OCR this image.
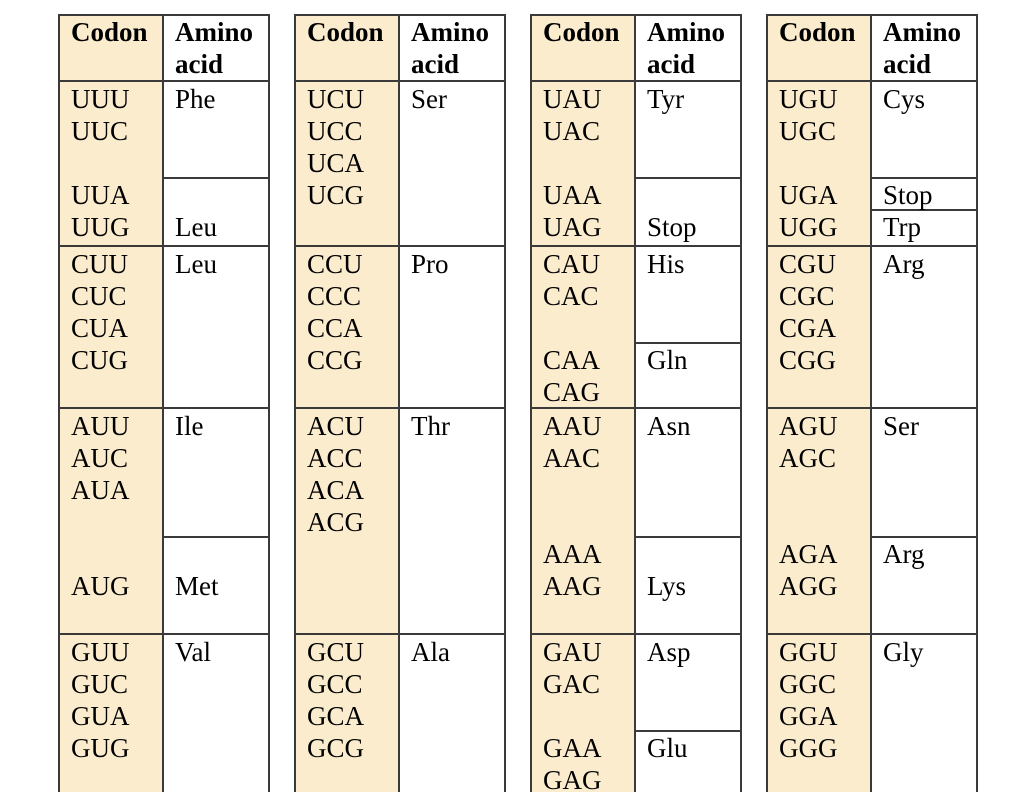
Codon Amino
acid
UUU
UUC
UUA
UUG
Phe
Leu
CUU
CUC
CUA
CUG
Leu
AUU
AUC
AUA
AUG
Ile
Met
GUU
GUC
GUA
GUG
Val
Codon Amino
acid
UCU
UCC
UCA
UCG
Ser
CCU
CCC
CCA
CCG
Pro
ACU
ACC
ACA
ACG
Thr
GCU
GCC
GCA
GCG
Ala
Codon Amino
acid
UAU
UAC
UAA
UAG
Tyr
Stop
CAU
CAC
CAA
CAG
His
Gln
AAU
AAC
AAA
AAG
Asn
Lys
GAU
GAC
GAA
GAG
Asp
Glu
Codon Amino
acid
UGU
UGC
UGA
UGG
Cys
Stop
Trp
CGU
CGC
CGA
CGG
Arg
AGU
AGC
AGA
AGG
Ser
Arg
GGU
GGC
GGA
GGG
Gly
